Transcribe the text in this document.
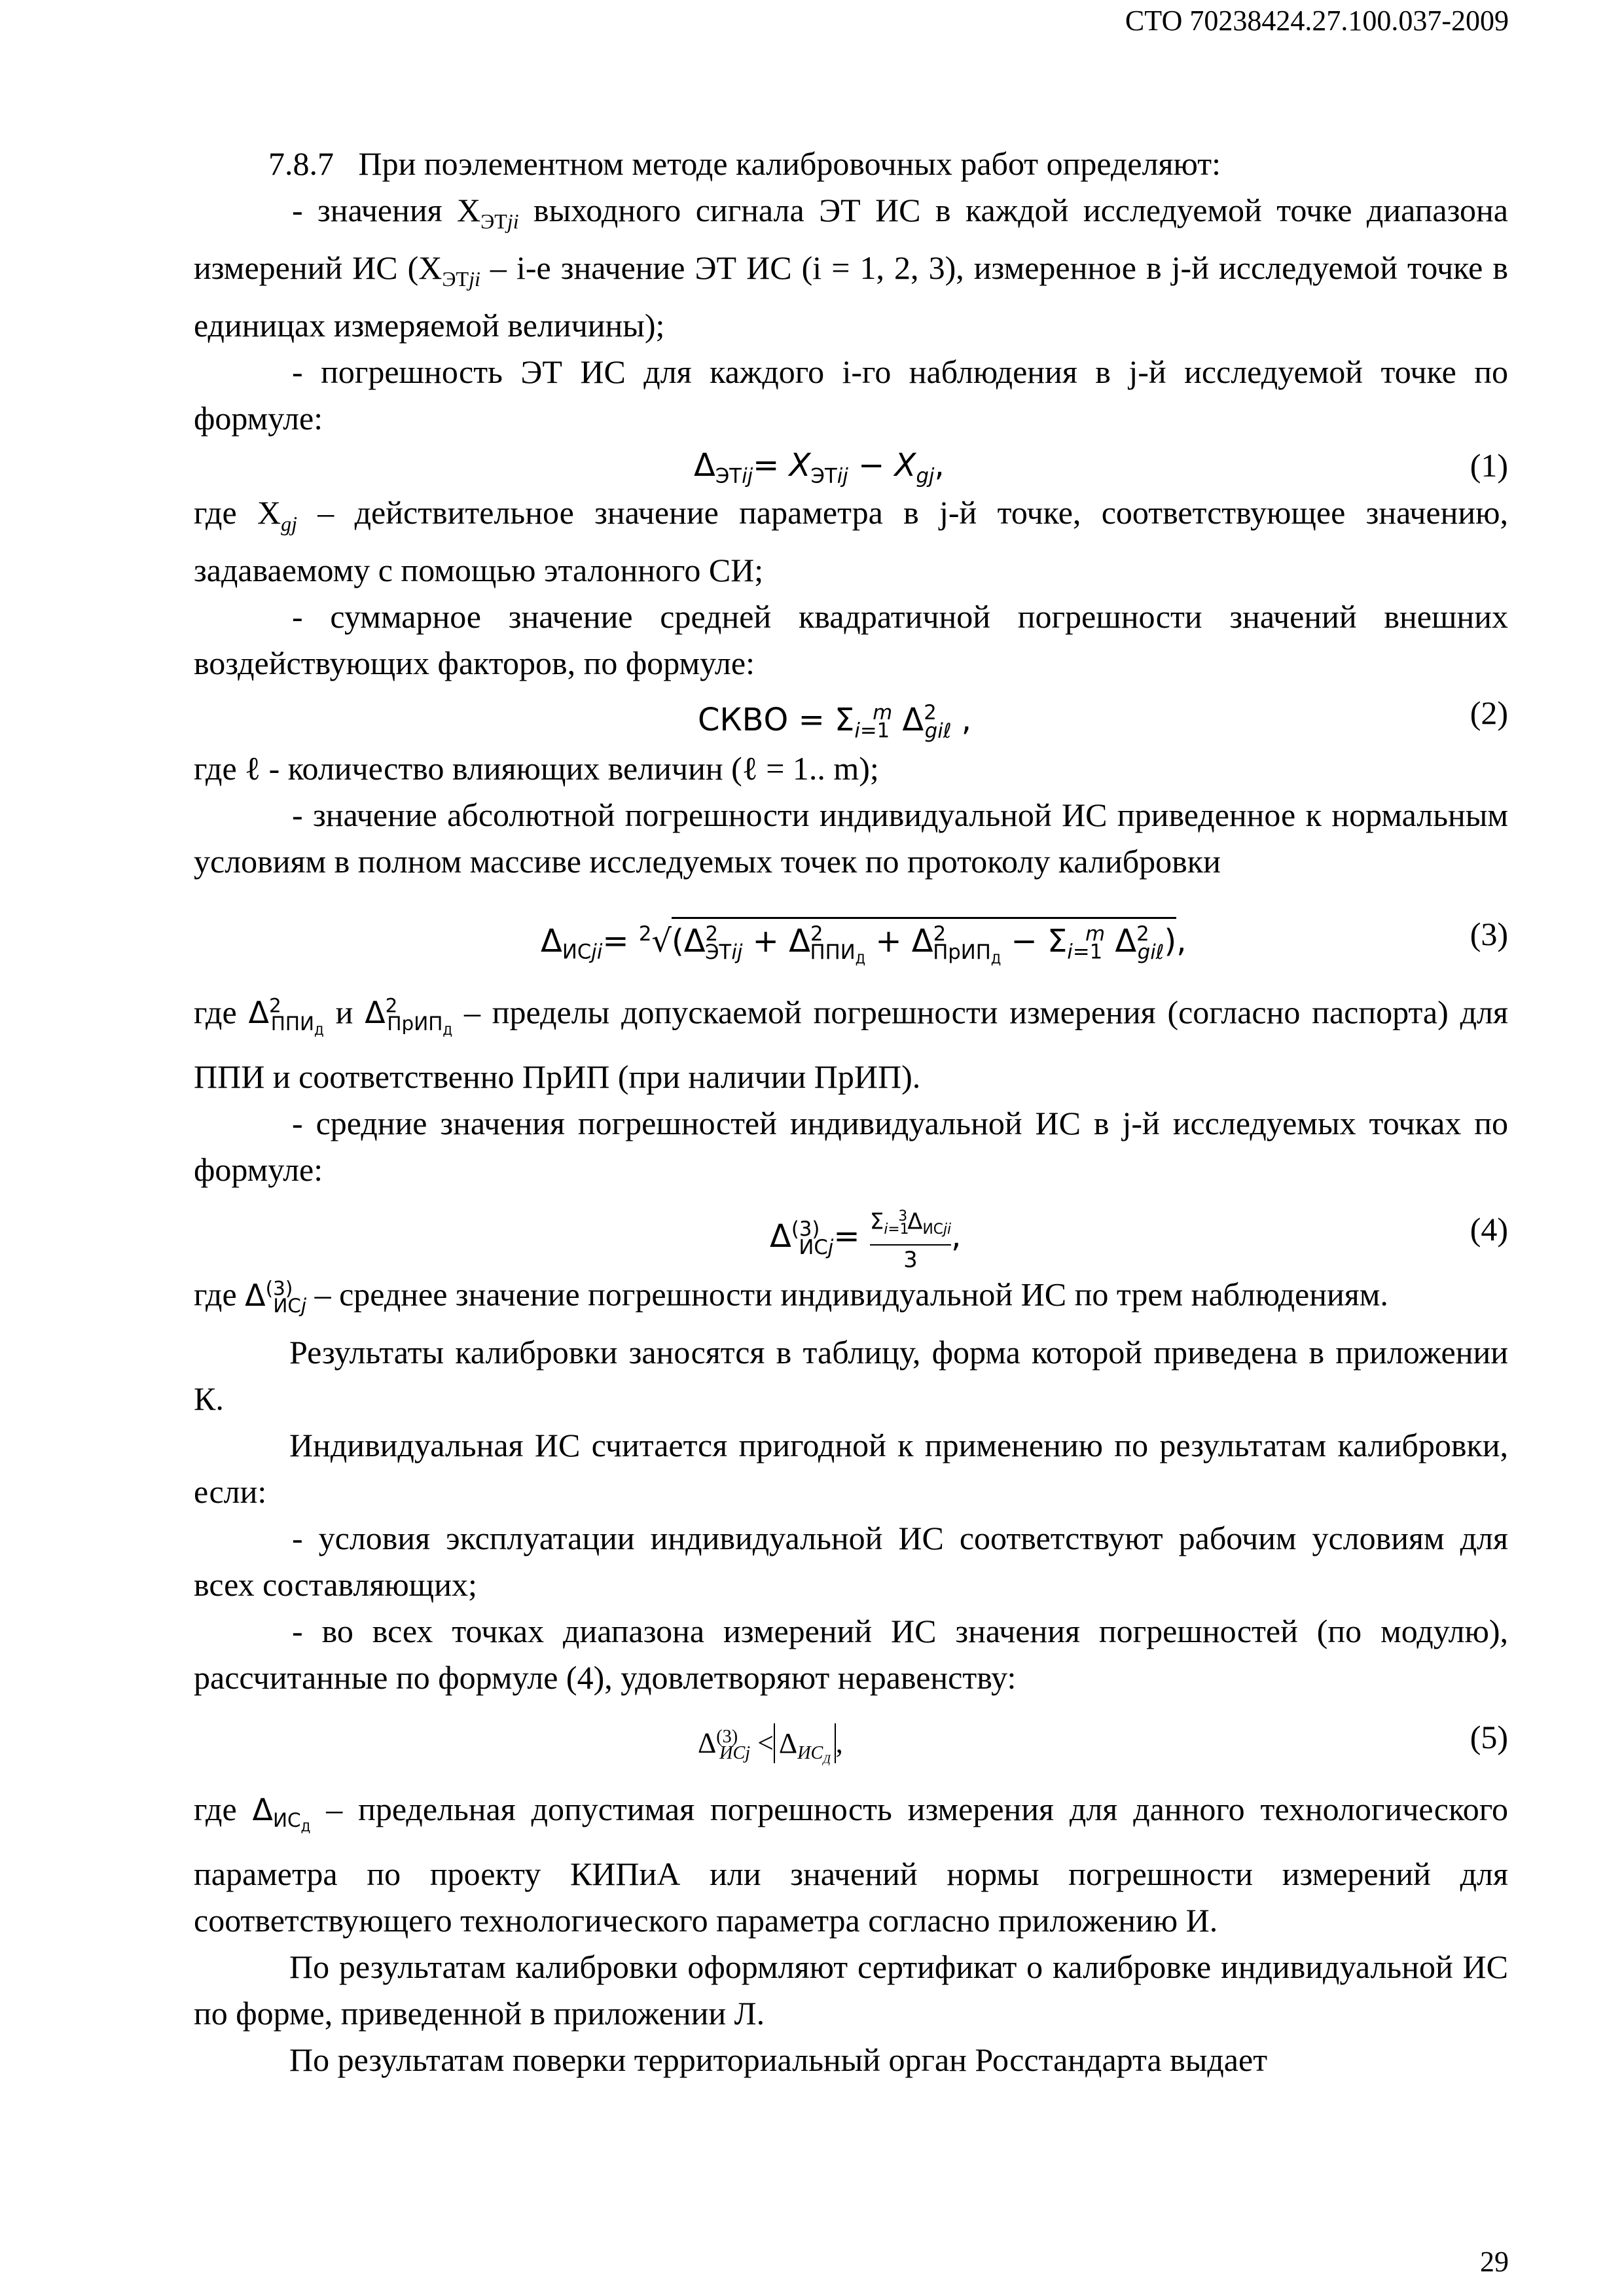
СТО 70238424.27.100.037-2009

7.8.7 При поэлементном методе калибровочных работ определяют:

- значения $Х_{ЭТji}$ выходного сигнала ЭТ ИС в каждой исследуемой точке диапазона измерений ИС ($Х_{ЭТji} - i-е$ значение ЭТ ИС (i = 1, 2, 3), измеренное в j-й исследуемой точке в единицах измеряемой величины);

- погрешность ЭТ ИС для каждого i-го наблюдения в j-й исследуемой точке по формуле:

$\Delta_{ЭТij}= X_{ЭТij} - X_{gj}$,	(1)

где $X_{gj}$ – действительное значение параметра в j-й точке, соответствующее значению, задаваемому с помощью эталонного СИ;

- суммарное значение средней квадратичной погрешности значений внешних воздействующих факторов, по формуле:

СКВО = $\Sigma_{i=1}^m$ $\Delta^2_{gi\ell}$ ,	(2)

где ℓ - количество влияющих величин (ℓ = 1.. m);

- значение абсолютной погрешности индивидуальной ИС приведенное к нормальным условиям в полном массиве исследуемых точек по протоколу калибровки

$\Delta_{ИСji}= ^2√(\Delta^2_{ЭТij} + \Delta^2_{ППИ_Д} + \Delta^2_{ПрИП_Д} - \Sigma_{i=1}^m$ $\Delta^2_{gi\ell}$),	(3)

где $\Delta^2_{ППИ_Д}$ и $\Delta^2_{ПрИП_Д}$ – пределы допускаемой погрешности измерения (согласно паспорта) для ППИ и соответственно ПрИП (при наличии ПрИП).

- средние значения погрешностей индивидуальной ИС в j-й исследуемых точках по формуле:

$\Delta^{(3)}_{ИСj}= \Sigma_{i=1}^3\Delta_{ИСji}$
3
,	(4)

где $\Delta^{(3)}_{ИСj}$ – среднее значение погрешности индивидуальной ИС по трем наблюдениям.

Результаты калибровки заносятся в таблицу, форма которой приведена в приложении К.

Индивидуальная ИС считается пригодной к применению по результатам калибровки, если:

- условия эксплуатации индивидуальной ИС соответствуют рабочим условиям для всех составляющих;

- во всех точках диапазона измерений ИС значения погрешностей (по модулю), рассчитанные по формуле (4), удовлетворяют неравенству:

$\Delta^{(3)}_{ИСj} < \Delta_{ИС_Д}$,	(5)

где $\Delta_{ИС_Д}$ – предельная допустимая погрешность измерения для данного технологического параметра по проекту КИПиА или значений нормы погрешности измерений для соответствующего технологического параметра согласно приложению И.

По результатам калибровки оформляют сертификат о калибровке индивидуальной ИС по форме, приведенной в приложении Л.

По результатам поверки территориальный орган Росстандарта выдает

29
